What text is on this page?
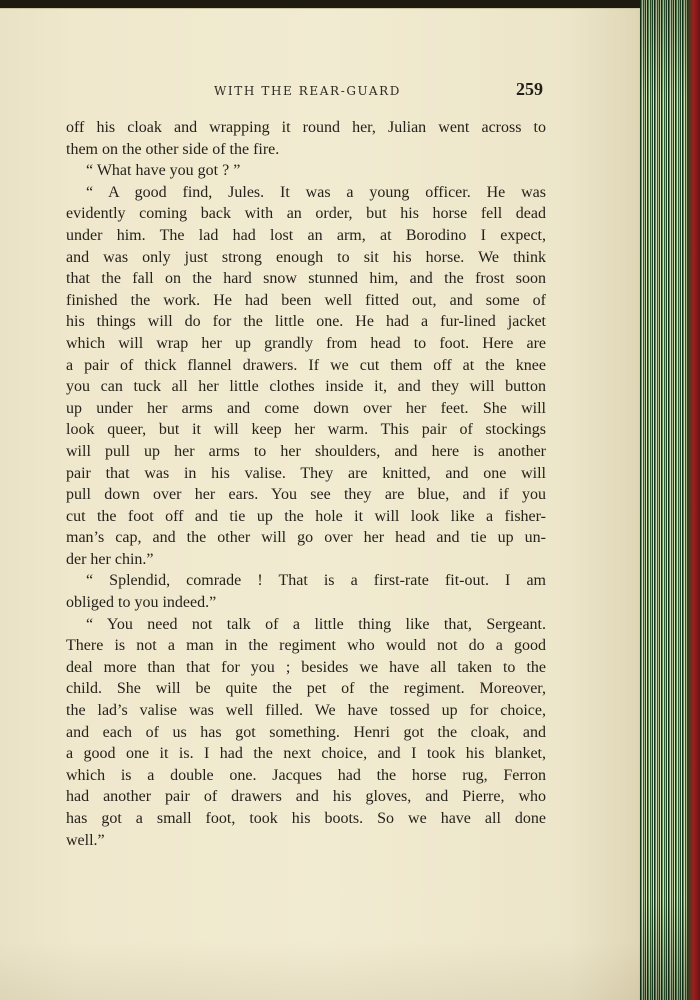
WITH THE REAR-GUARD	259

off his cloak and wrapping it round her, Julian went across to

them on the other side of the fire.

“ What have you got ? ”

“ A good find, Jules. It was a young officer. He was

evidently coming back with an order, but his horse fell dead

under him. The lad had lost an arm, at Borodino I expect,

and was only just strong enough to sit his horse. We think

that the fall on the hard snow stunned him, and the frost soon

finished the work. He had been well fitted out, and some of

his things will do for the little one. He had a fur-lined jacket

which will wrap her up grandly from head to foot. Here are

a pair of thick flannel drawers. If we cut them off at the knee

you can tuck all her little clothes inside it, and they will button

up under her arms and come down over her feet. She will

look queer, but it will keep her warm. This pair of stockings

will pull up her arms to her shoulders, and here is another

pair that was in his valise. They are knitted, and one will

pull down over her ears. You see they are blue, and if you

cut the foot off and tie up the hole it will look like a fisher-

man’s cap, and the other will go over her head and tie up un-

der her chin.”

“ Splendid, comrade ! That is a first-rate fit-out. I am

obliged to you indeed.”

“ You need not talk of a little thing like that, Sergeant.

There is not a man in the regiment who would not do a good

deal more than that for you ; besides we have all taken to the

child. She will be quite the pet of the regiment. Moreover,

the lad’s valise was well filled. We have tossed up for choice,

and each of us has got something. Henri got the cloak, and

a good one it is. I had the next choice, and I took his blanket,

which is a double one. Jacques had the horse rug, Ferron

had another pair of drawers and his gloves, and Pierre, who

has got a small foot, took his boots. So we have all done

well.”
